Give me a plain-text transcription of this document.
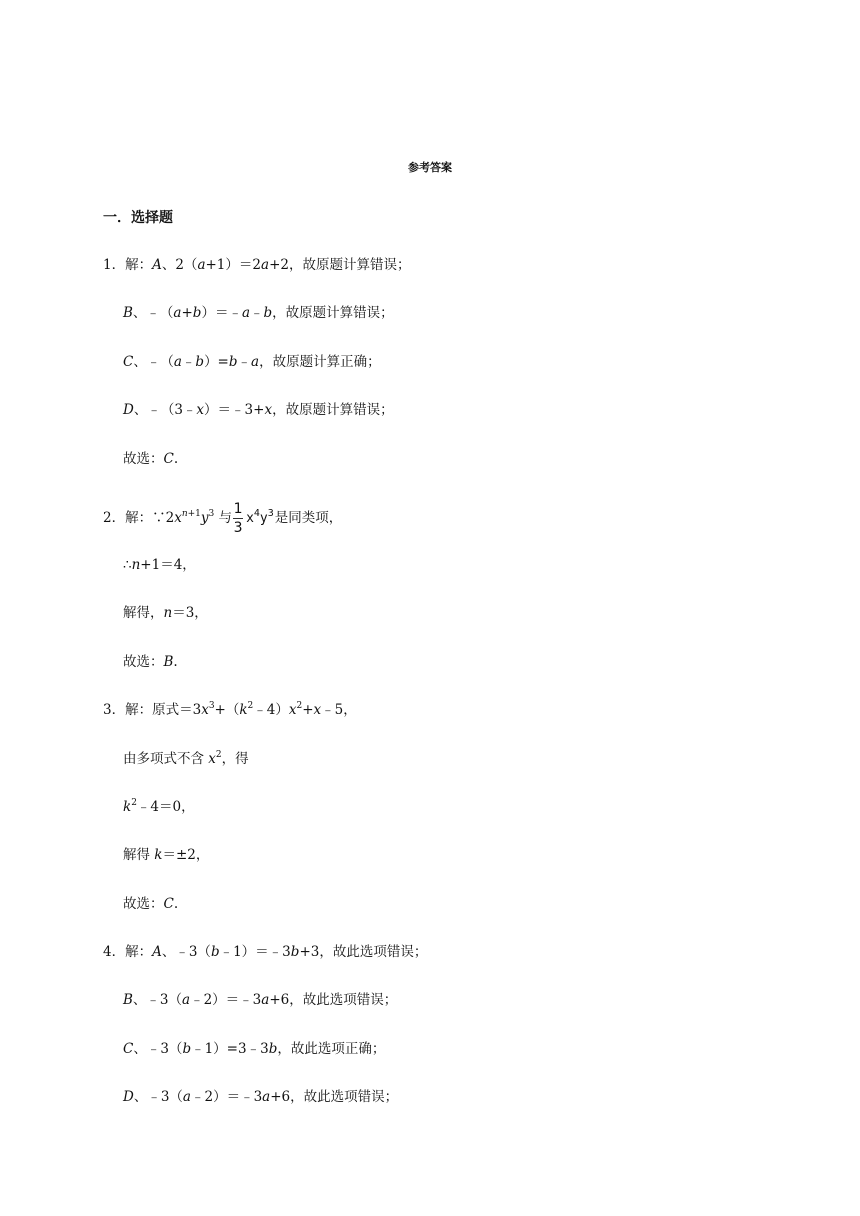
参考答案
一．选择题
1．解：A、2（a+1）＝2a+2，故原题计算错误；
B、﹣（a+b）＝﹣a﹣b，故原题计算错误；
C、﹣（a﹣b）=b﹣a，故原题计算正确；
D、﹣（3﹣x）＝﹣3+x，故原题计算错误；
故选：C.
2．解：$\because 2x^{n+1}y^3$ 与 $\frac{1}{3} x^4y^3$ 是同类项，
∴n+1＝4，
解得，n＝3，
故选：B.
3．解：原式$=3x^3+(k^2﹣4)x^2+x﹣5$，
由多项式不含 $x^2$，得
$k^2﹣4=0$，
解得 k＝±2，
故选：C.
4．解：A、﹣3（b﹣1）＝﹣3b+3，故此选项错误；
B、﹣3（a﹣2）＝﹣3a+6，故此选项错误；
C、﹣3（b﹣1）=3﹣3b，故此选项正确；
D、﹣3（a﹣2）＝﹣3a+6，故此选项错误；
